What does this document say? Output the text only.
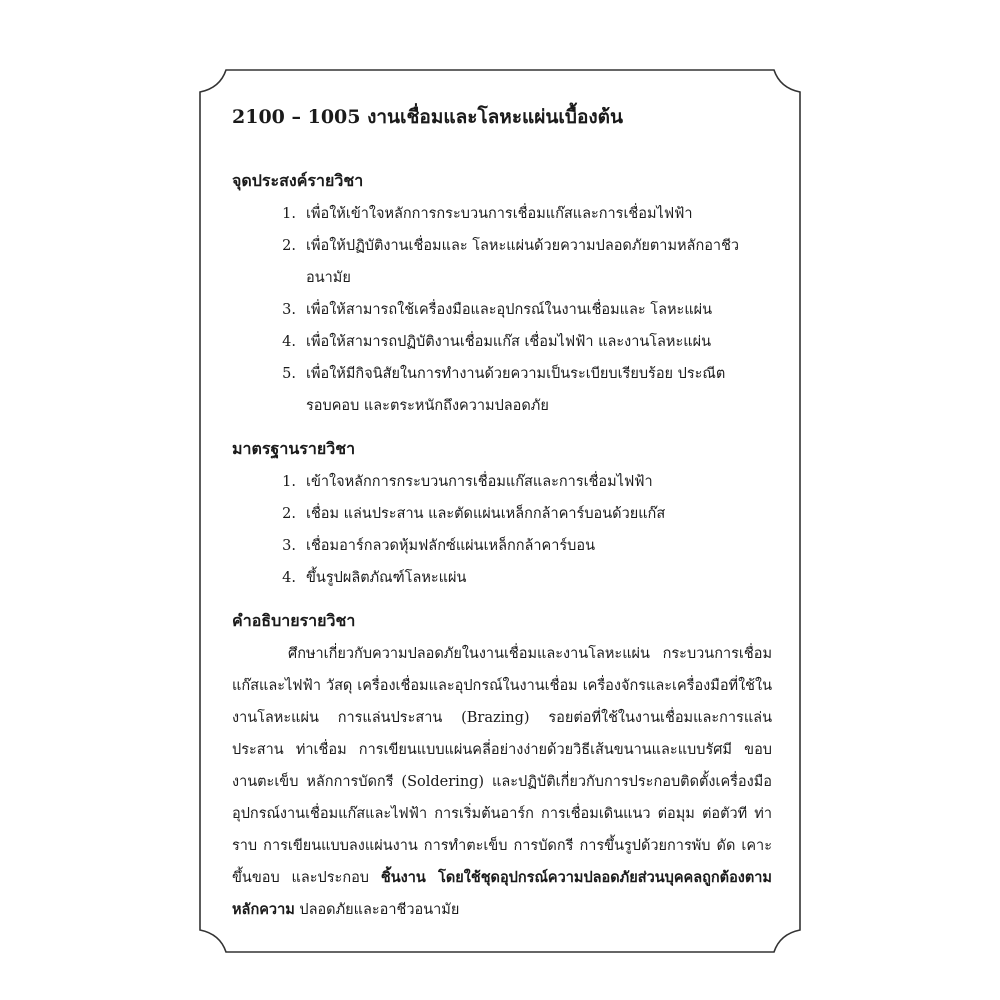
2100 – 1005 งานเชื่อมและโลหะแผ่นเบื้องต้น
จุดประสงค์รายวิชา
1. เพื่อให้เข้าใจหลักการกระบวนการเชื่อมแก๊สและการเชื่อมไฟฟ้า
2. เพื่อให้ปฏิบัติงานเชื่อมและ โลหะแผ่นด้วยความปลอดภัยตามหลักอาชีวอนามัย
3. เพื่อให้สามารถใช้เครื่องมือและอุปกรณ์ในงานเชื่อมและ โลหะแผ่น
4. เพื่อให้สามารถปฏิบัติงานเชื่อมแก๊ส เชื่อมไฟฟ้า และงานโลหะแผ่น
5. เพื่อให้มีกิจนิสัยในการทำงานด้วยความเป็นระเบียบเรียบร้อย ประณีต รอบคอบ และตระหนักถึงความปลอดภัย
มาตรฐานรายวิชา
1. เข้าใจหลักการกระบวนการเชื่อมแก๊สและการเชื่อมไฟฟ้า
2. เชื่อม แล่นประสาน และตัดแผ่นเหล็กกล้าคาร์บอนด้วยแก๊ส
3. เชื่อมอาร์กลวดหุ้มฟลักซ์แผ่นเหล็กกล้าคาร์บอน
4. ขึ้นรูปผลิตภัณฑ์โลหะแผ่น
คำอธิบายรายวิชา
ศึกษาเกี่ยวกับความปลอดภัยในงานเชื่อมและงานโลหะแผ่น กระบวนการเชื่อมแก๊สและไฟฟ้า วัสดุ เครื่องเชื่อมและอุปกรณ์ในงานเชื่อม เครื่องจักรและเครื่องมือที่ใช้ในงานโลหะแผ่น การแล่นประสาน (Brazing) รอยต่อที่ใช้ในงานเชื่อมและการแล่นประสาน ท่าเชื่อม การเขียนแบบแผ่นคลี่อย่างง่ายด้วยวิธีเส้นขนานและแบบรัศมี ขอบงานตะเข็บ หลักการบัดกรี (Soldering) และปฏิบัติเกี่ยวกับการประกอบติดตั้งเครื่องมืออุปกรณ์งานเชื่อมแก๊สและไฟฟ้า การเริ่มต้นอาร์ก การเชื่อมเดินแนว ต่อมุม ต่อตัวที ท่าราบ การเขียนแบบลงแผ่นงาน การทำตะเข็บ การบัดกรี การขึ้นรูปด้วยการพับ ดัด เคาะ ขึ้นขอบ และประกอบ ชิ้นงาน โดยใช้ชุดอุปกรณ์ความปลอดภัยส่วนบุคคลถูกต้องตามหลักความ ปลอดภัยและอาชีวอนามัย
